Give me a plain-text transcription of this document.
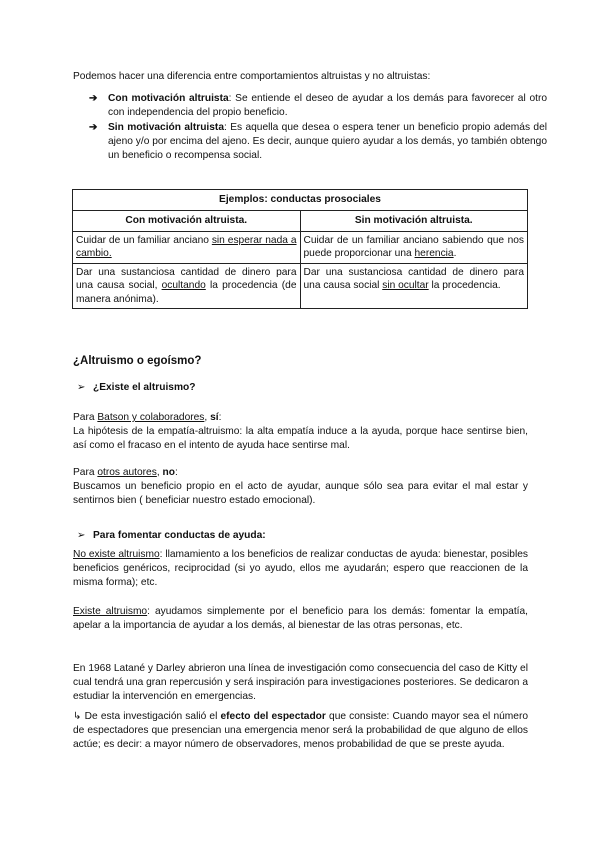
Podemos hacer una diferencia entre comportamientos altruistas y no altruistas:

➔ Con motivación altruista: Se entiende el deseo de ayudar a los demás para favorecer al otro con independencia del propio beneficio.

➔ Sin motivación altruista: Es aquella que desea o espera tener un beneficio propio además del ajeno y/o por encima del ajeno. Es decir, aunque quiero ayudar a los demás, yo también obtengo un beneficio o recompensa social.

Ejemplos: conductas prosociales	
Con motivación altruista.	Sin motivación altruista.
Cuidar de un familiar anciano sin esperar nada a cambio.	Cuidar de un familiar anciano sabiendo que nos puede proporcionar una herencia.
Dar una sustanciosa cantidad de dinero para una causa social, ocultando la procedencia (de manera anónima).	Dar una sustanciosa cantidad de dinero para una causa social sin ocultar la procedencia.
¿Altruismo o egoísmo?

➢ ¿Existe el altruismo?

Para Batson y colaboradores, sí:
La hipótesis de la empatía-altruismo: la alta empatía induce a la ayuda, porque hace sentirse bien, así como el fracaso en el intento de ayuda hace sentirse mal.

Para otros autores, no:
Buscamos un beneficio propio en el acto de ayudar, aunque sólo sea para evitar el mal estar y sentirnos bien ( beneficiar nuestro estado emocional).

➢ Para fomentar conductas de ayuda:

No existe altruismo: llamamiento a los beneficios de realizar conductas de ayuda: bienestar, posibles beneficios genéricos, reciprocidad (si yo ayudo, ellos me ayudarán; espero que reaccionen de la misma forma); etc.

Existe altruismo: ayudamos simplemente por el beneficio para los demás: fomentar la empatía, apelar a la importancia de ayudar a los demás, al bienestar de las otras personas, etc.

En 1968 Latané y Darley abrieron una línea de investigación como consecuencia del caso de Kitty el cual tendrá una gran repercusión y será inspiración para investigaciones posteriores. Se dedicaron a estudiar la intervención en emergencias.

↳ De esta investigación salió el efecto del espectador que consiste: Cuando mayor sea el número de espectadores que presencian una emergencia menor será la probabilidad de que alguno de ellos actúe; es decir: a mayor número de observadores, menos probabilidad de que se preste ayuda.
